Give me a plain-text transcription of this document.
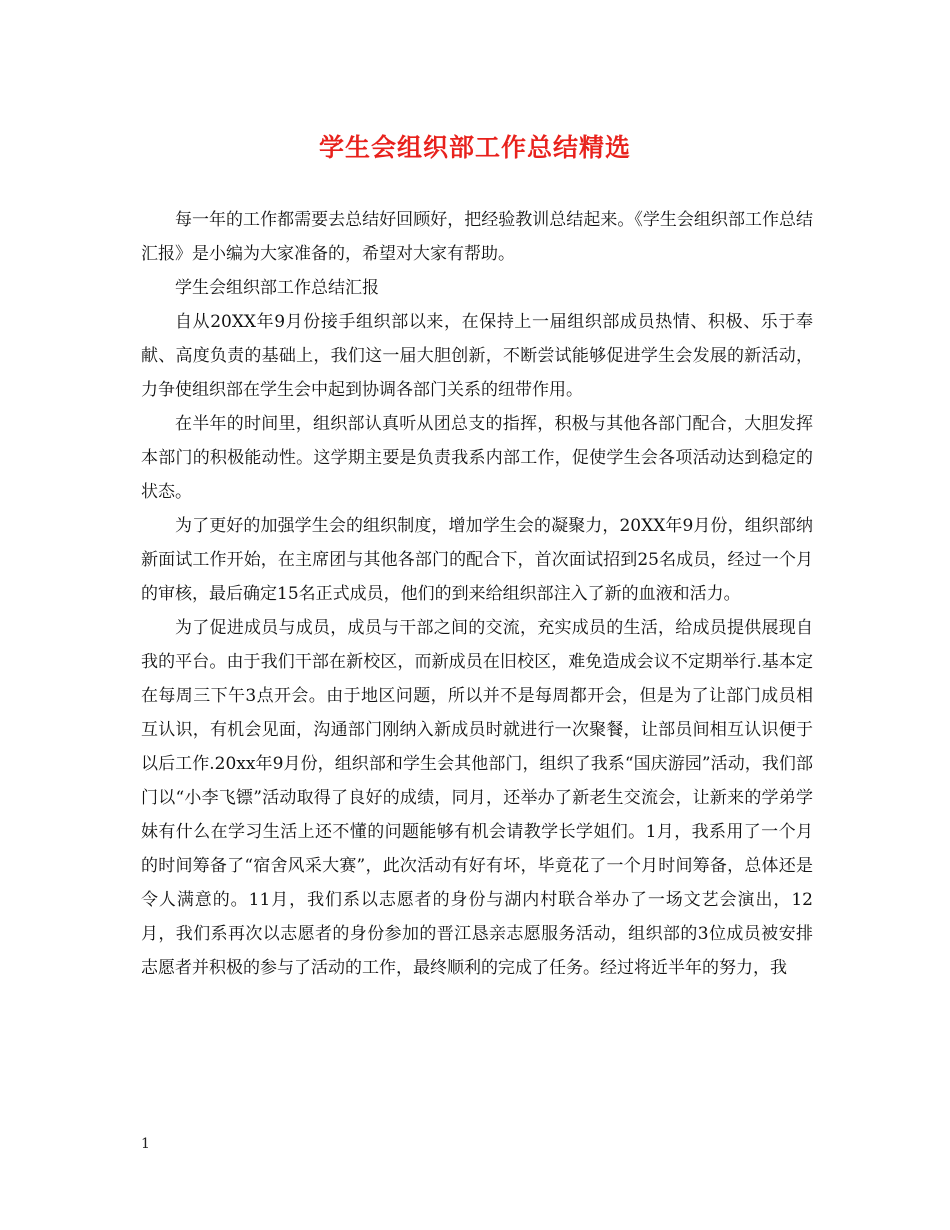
学生会组织部工作总结精选

每一年的工作都需要去总结好回顾好，把经验教训总结起来。《学生会组织部工作总结汇报》是小编为大家准备的，希望对大家有帮助。

学生会组织部工作总结汇报

自从20XX年9月份接手组织部以来，在保持上一届组织部成员热情、积极、乐于奉献、高度负责的基础上，我们这一届大胆创新，不断尝试能够促进学生会发展的新活动，力争使组织部在学生会中起到协调各部门关系的纽带作用。

在半年的时间里，组织部认真听从团总支的指挥，积极与其他各部门配合，大胆发挥本部门的积极能动性。这学期主要是负责我系内部工作，促使学生会各项活动达到稳定的状态。

为了更好的加强学生会的组织制度，增加学生会的凝聚力，20XX年9月份，组织部纳新面试工作开始，在主席团与其他各部门的配合下，首次面试招到25名成员，经过一个月的审核，最后确定15名正式成员，他们的到来给组织部注入了新的血液和活力。

为了促进成员与成员，成员与干部之间的交流，充实成员的生活，给成员提供展现自我的平台。由于我们干部在新校区，而新成员在旧校区，难免造成会议不定期举行.基本定在每周三下午3点开会。由于地区问题，所以并不是每周都开会，但是为了让部门成员相互认识，有机会见面，沟通部门刚纳入新成员时就进行一次聚餐，让部员间相互认识便于以后工作.20xx年9月份，组织部和学生会其他部门，组织了我系“国庆游园”活动，我们部门以“小李飞镖”活动取得了良好的成绩，同月，还举办了新老生交流会，让新来的学弟学妹有什么在学习生活上还不懂的问题能够有机会请教学长学姐们。1月，我系用了一个月的时间筹备了“宿舍风采大赛”，此次活动有好有坏，毕竟花了一个月时间筹备，总体还是令人满意的。11月，我们系以志愿者的身份与湖内村联合举办了一场文艺会演出，12月，我们系再次以志愿者的身份参加的晋江恳亲志愿服务活动，组织部的3位成员被安排志愿者并积极的参与了活动的工作，最终顺利的完成了任务。经过将近半年的努力，我

1
